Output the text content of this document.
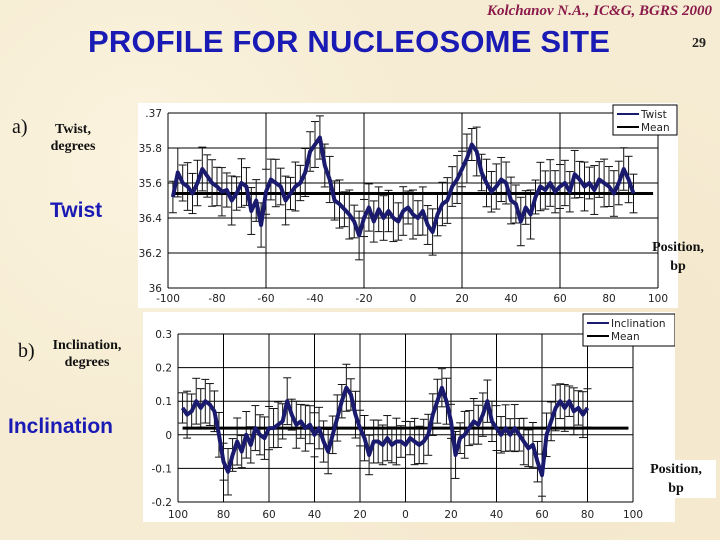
Kolchanov N.A., IC&G, BGRS 2000
PROFILE FOR NUCLEOSOME SITE	29
a)	Twist,
degrees
Twist
36
36.2
36.4
35.6
35.8
.37
-100	-80	-60	-40	-20	0	20	40	60	80	100
Twist
Mean
Position,
bp
b)	Inclination,
degrees
Inclination
-0.2
-0.1
0
0.1
0.2
0.3
100	80	60	40	20	0	20	40	60	80	100
Inclination
Mean
Position,
bp
